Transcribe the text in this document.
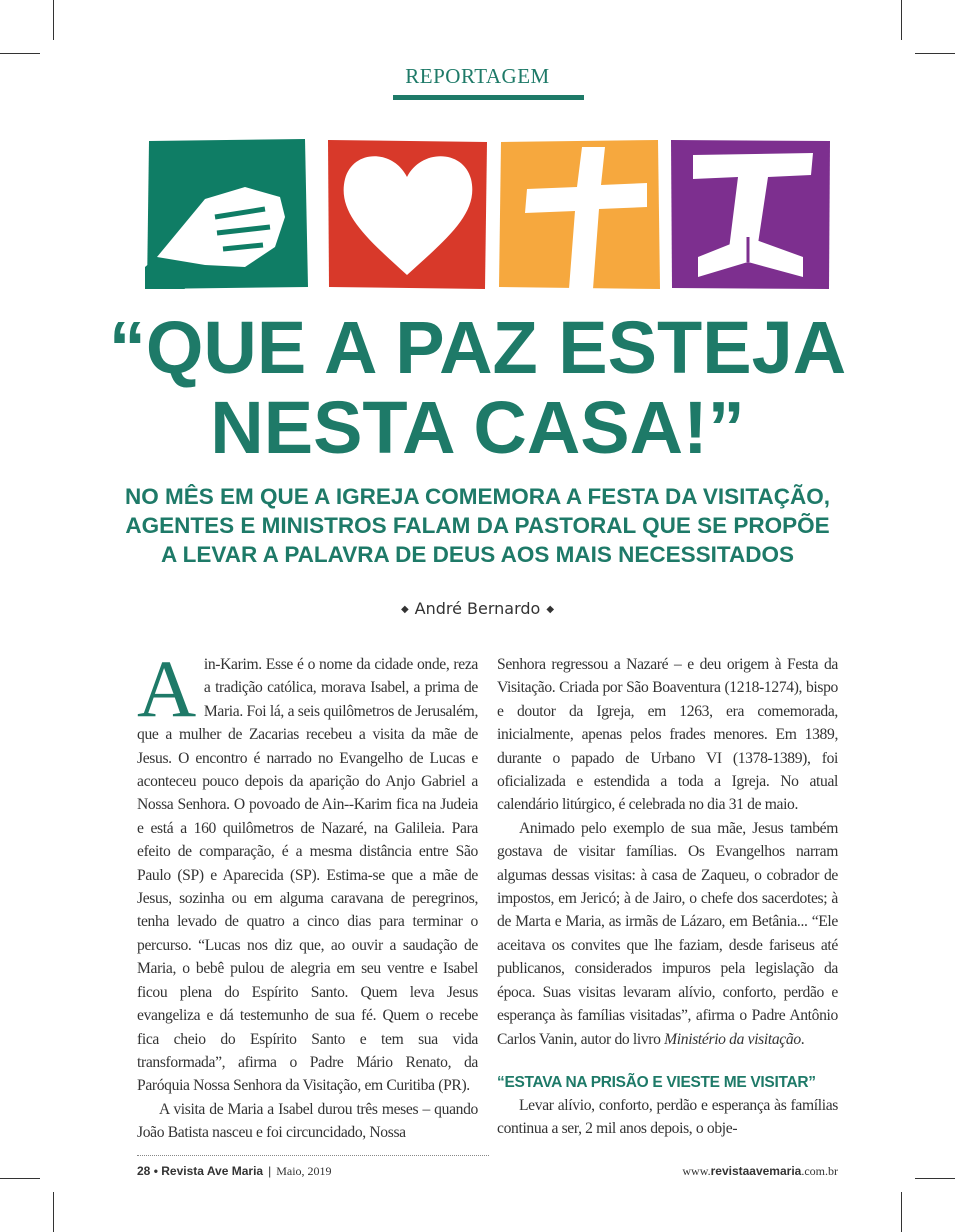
REPORTAGEM
“QUE A PAZ ESTEJA
NESTA CASA!”
NO MÊS EM QUE A IGREJA COMEMORA A FESTA DA VISITAÇÃO,
AGENTES E MINISTROS FALAM DA PASTORAL QUE SE PROPÕE
A LEVAR A PALAVRA DE DEUS AOS MAIS NECESSITADOS
◆ André Bernardo ◆

Ain-Karim. Esse é o nome da cidade onde, reza a tradição católica, morava Isabel, a prima de Maria. Foi lá, a seis quilômetros de Jerusalém, que a mulher de Zacarias recebeu a visita da mãe de Jesus. O encontro é narrado no Evangelho de Lucas e aconteceu pouco depois da aparição do Anjo Gabriel a Nossa Senhora. O povoado de Ain--Karim fica na Judeia e está a 160 quilômetros de Nazaré, na Galileia. Para efeito de comparação, é a mesma distância entre São Paulo (SP) e Aparecida (SP). Estima-se que a mãe de Jesus, sozinha ou em alguma caravana de peregrinos, tenha levado de quatro a cinco dias para terminar o percurso. “Lucas nos diz que, ao ouvir a saudação de Maria, o bebê pulou de alegria em seu ventre e Isabel ficou plena do Espírito Santo. Quem leva Jesus evangeliza e dá testemunho de sua fé. Quem o recebe fica cheio do Espírito Santo e tem sua vida transformada”, afirma o Padre Mário Renato, da Paróquia Nossa Senhora da Visitação, em Curitiba (PR).

A visita de Maria a Isabel durou três meses – quando João Batista nasceu e foi circuncidado, Nossa

Senhora regressou a Nazaré – e deu origem à Festa da Visitação. Criada por São Boaventura (1218-1274), bispo e doutor da Igreja, em 1263, era comemorada, inicialmente, apenas pelos frades menores. Em 1389, durante o papado de Urbano VI (1378-1389), foi oficializada e estendida a toda a Igreja. No atual calendário litúrgico, é celebrada no dia 31 de maio.

Animado pelo exemplo de sua mãe, Jesus também gostava de visitar famílias. Os Evangelhos narram algumas dessas visitas: à casa de Zaqueu, o cobrador de impostos, em Jericó; à de Jairo, o chefe dos sacerdotes; à de Marta e Maria, as irmãs de Lázaro, em Betânia... “Ele aceitava os convites que lhe faziam, desde fariseus até publicanos, considerados impuros pela legislação da época. Suas visitas levaram alívio, conforto, perdão e esperança às famílias visitadas”, afirma o Padre Antônio Carlos Vanin, autor do livro Ministério da visitação.

“ESTAVA NA PRISÃO E VIESTE ME VISITAR”

Levar alívio, conforto, perdão e esperança às famílias continua a ser, 2 mil anos depois, o obje-

28 • Revista Ave Maria | Maio, 2019	www.revistaavemaria.com.br
